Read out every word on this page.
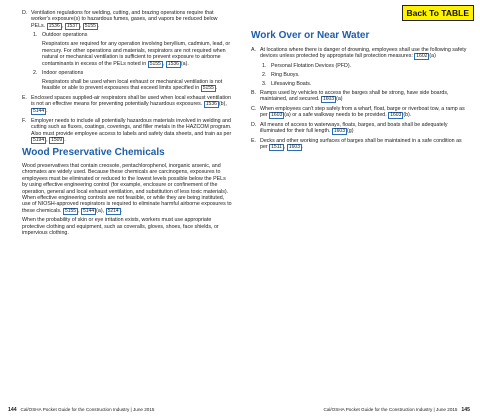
D. Ventilation regulations for welding, cutting, and brazing operations require that worker's exposure(s) to hazardous fumes, gases, and vapors be reduced below PELs. 1536 , 1537 , 5155 .
1. Outdoor operations
Respirators are required for any operation involving beryllium, cadmium, lead, or mercury. For other operations and materials, respirators are not required when natural or mechanical ventilation is sufficient to prevent exposure to airborne contaminants in excess of the PELs noted in 5155 , 1536 (a).
2. Indoor operations
Respirators shall be used when local exhaust or mechanical ventilation is not feasible or able to prevent exposures that exceed limits specified in 5155 .
E. Enclosed spaces supplied-air respirators shall be used when local exhaust ventilation is not an effective means for preventing potentially hazardous exposures. 1536 (b), 5144 .
F. Employer needs to include all potentially hazardous materials involved in welding and cutting such as fluxes, coatings, coverings, and filler metals in the HAZCOM program. Also must provide employee access to labels and safety data sheets, and train as per 5194 , 1509 .
Wood Preservative Chemicals
Wood preservatives that contain creosote, pentachlorophenol, inorganic arsenic, and chromates are widely used. Because these chemicals are carcinogens, exposures to employees must be eliminated or reduced to the lowest levels possible below the PELs by using effective engineering control (for example, enclosure or confinement of the operation, general and local exhaust ventilation, and substitution of less toxic materials). When effective engineering controls are not feasible, or while they are being instituted, use of NIOSH-approved respirators is required to eliminate harmful airborne exposures to these chemicals. 5155 , 5144 (a), 5214 .
When the probability of skin or eye irritation exists, workers must use appropriate protective clothing and equipment, such as coveralls, gloves, shoes, face shields, or impervious clothing.
144 Cal/OSHA Pocket Guide for the Construction Industry | June 2015
Back To TABLE
Work Over or Near Water
A. At locations where there is danger of drowning, employees shall use the following safety devices unless protected by appropriate fall protection measures: 1602 (a)
1. Personal Flotation Devices (PFD).
2. Ring Buoys.
3. Lifesaving Boats.
B. Ramps used by vehicles to access the barges shall be strong, have side boards, maintained, and secured. 1603 (a)
C. When employees can't step safely from a wharf, float, barge or riverboat tow, a ramp as per 1603 (a) or a safe walkway needs to be provided. 1603 (b).
D. All means of access to waterways, floats, barges, and boats shall be adequately illuminated for their full length. 1603 (g)
E. Decks and other working surfaces of barges shall be maintained in a safe condition as per 1511 , 1603 .
Cal/OSHA Pocket Guide for the Construction Industry | June 2015 145
